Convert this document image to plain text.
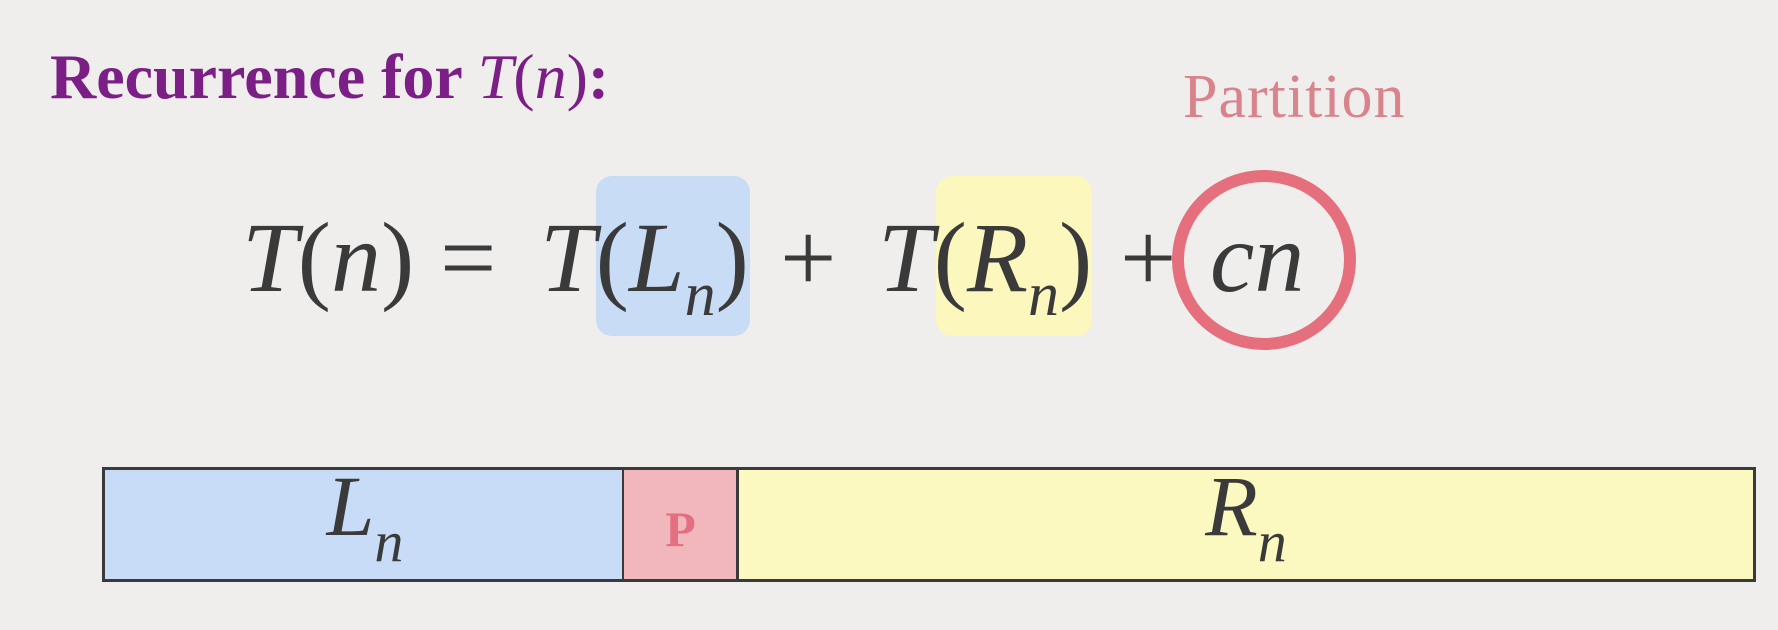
Recurrence for T(n):	Partition
$T(n) = T(L_n) + T(R_n)$ + cn
$L_n$	P	$R_n$
